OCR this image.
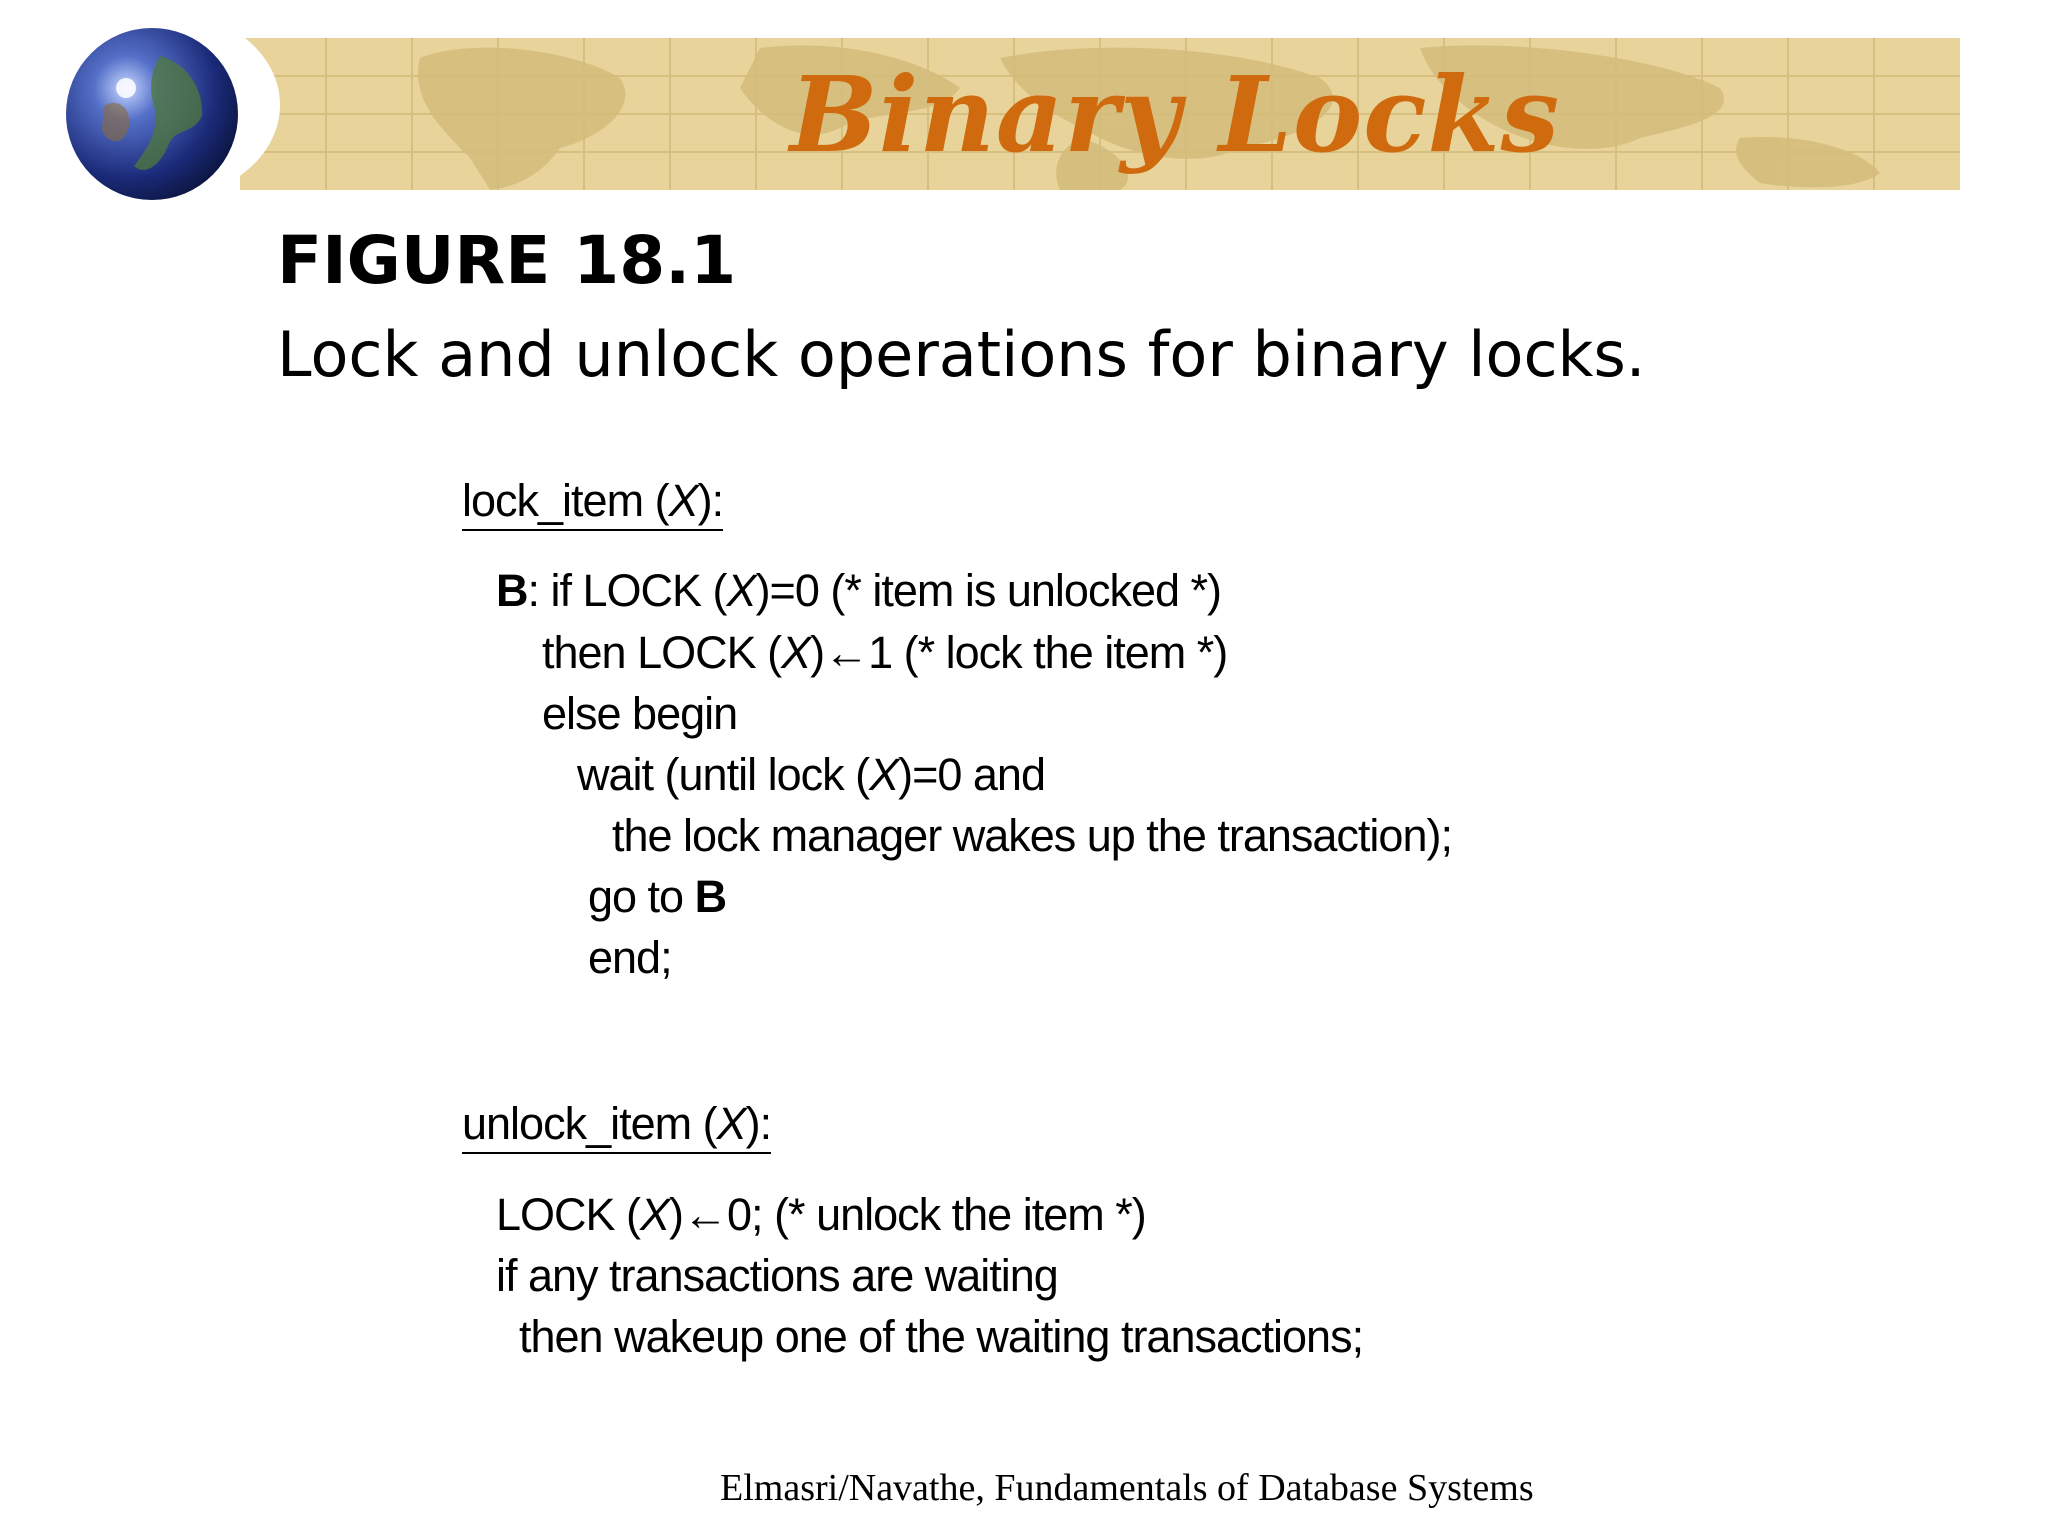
Binary Locks
FIGURE 18.1
Lock and unlock operations for binary locks.
lock_item (X):
B: if LOCK (X)=0 (* item is unlocked *)
then LOCK (X)←1 (* lock the item *)
else begin
wait (until lock (X)=0 and
the lock manager wakes up the transaction);
go to B
end;
unlock_item (X):
LOCK (X)←0; (* unlock the item *)
if any transactions are waiting
then wakeup one of the waiting transactions;
Elmasri/Navathe, Fundamentals of Database Systems
